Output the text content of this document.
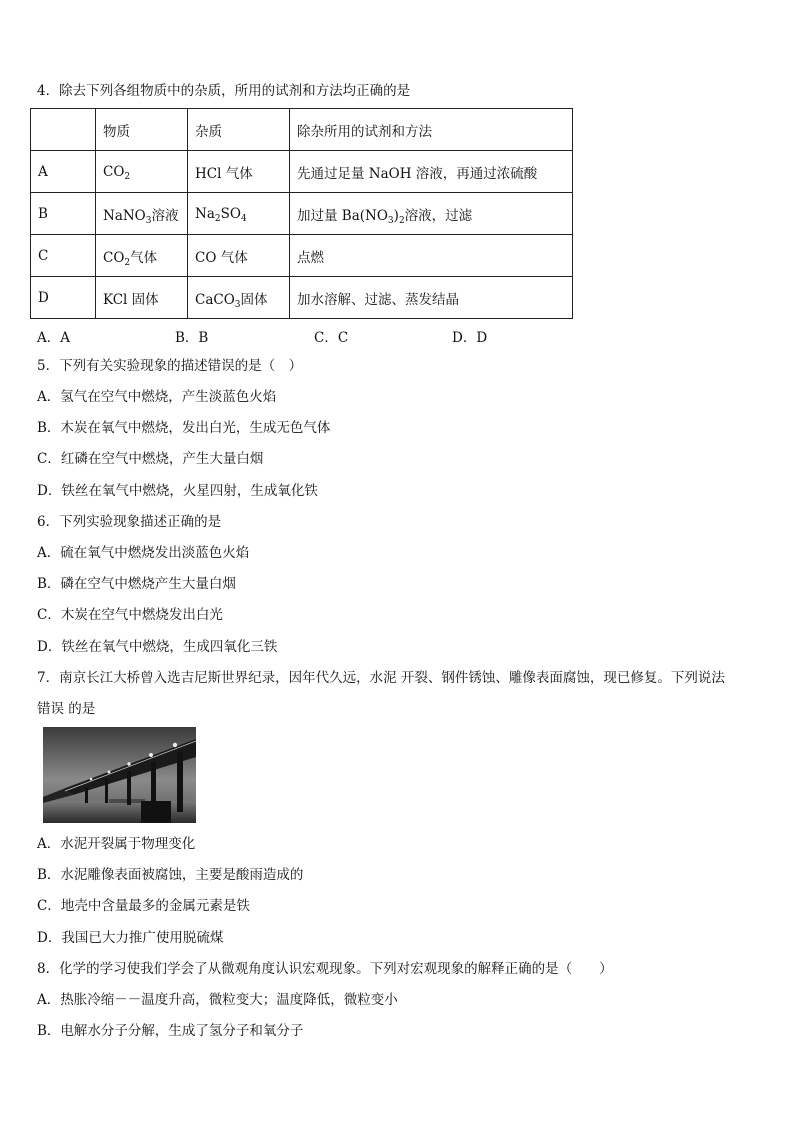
4．除去下列各组物质中的杂质，所用的试剂和方法均正确的是
	物质	杂质	除杂所用的试剂和方法
A	$CO_2$	HCl 气体	先通过足量 NaOH 溶液，再通过浓硫酸
B	NaNO$_3$溶液	$Na_2SO_4$	加过量 $Ba(NO_3)_2$溶液，过滤
C	$CO_2$气体	CO 气体	点燃
D	KCl 固体	CaCO$_3$固体	加水溶解、过滤、蒸发结晶
A．A	B．B	C．C	D．D
5．下列有关实验现象的描述错误的是（　）
A．氢气在空气中燃烧，产生淡蓝色火焰
B．木炭在氧气中燃烧，发出白光，生成无色气体
C．红磷在空气中燃烧，产生大量白烟
D．铁丝在氧气中燃烧，火星四射，生成氧化铁
6．下列实验现象描述正确的是
A．硫在氧气中燃烧发出淡蓝色火焰
B．磷在空气中燃烧产生大量白烟
C．木炭在空气中燃烧发出白光
D．铁丝在氧气中燃烧，生成四氧化三铁
7．南京长江大桥曾入选吉尼斯世界纪录，因年代久远，水泥 开裂、钢件锈蚀、雕像表面腐蚀，现已修复。下列说法
错误 的是
A．水泥开裂属于物理变化
B．水泥雕像表面被腐蚀，主要是酸雨造成的
C．地壳中含量最多的金属元素是铁
D．我国已大力推广使用脱硫煤
8．化学的学习使我们学会了从微观角度认识宏观现象。下列对宏观现象的解释正确的是（　　）
A．热胀冷缩－－温度升高，微粒变大；温度降低，微粒变小
B．电解水分子分解，生成了氢分子和氧分子
